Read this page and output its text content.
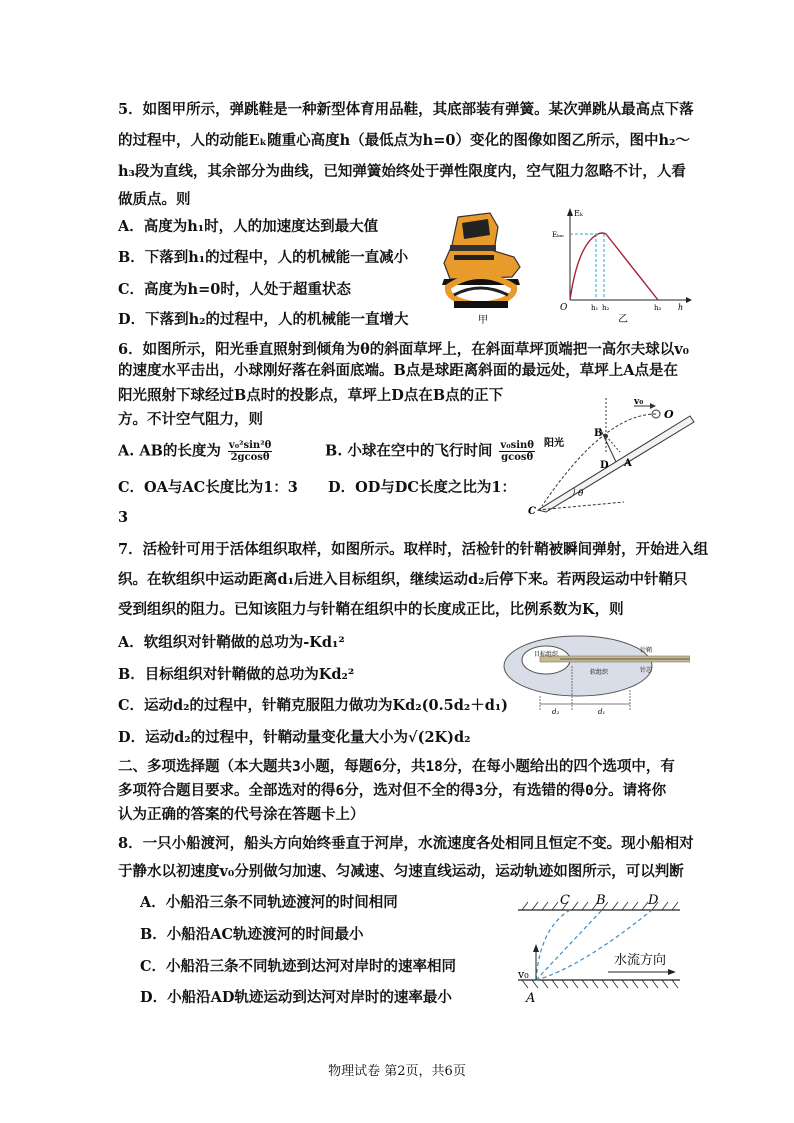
5．如图甲所示，弹跳鞋是一种新型体育用品鞋，其底部装有弹簧。某次弹跳从最高点下落
的过程中，人的动能Eₖ随重心高度h（最低点为h=0）变化的图像如图乙所示，图中h₂～
h₃段为直线，其余部分为曲线，已知弹簧始终处于弹性限度内，空气阻力忽略不计，人看
做质点。则
A．高度为h₁时，人的加速度达到最大值
B．下落到h₁的过程中，人的机械能一直减小
C．高度为h=0时，人处于超重状态
D．下落到h₂的过程中，人的机械能一直增大	甲
Eₖ
Eₖₘ
O	h₁ h₂	h₃ h
乙
6．如图所示，阳光垂直照射到倾角为θ的斜面草坪上，在斜面草坪顶端把一高尔夫球以v₀
的速度水平击出，小球刚好落在斜面底端。B点是球距离斜面的最远处，草坪上A点是在
阳光照射下球经过B点时的投影点，草坪上D点在B点的正下
方。不计空气阻力，则
A. AB的长度为 $\frac{\text{v₀²sin²θ}}{2gcos\theta}$	B. 小球在空中的飞行时间 $\frac{\text{v₀sinθ}}{gcos\theta}$
C．OA与AC长度比为1：3 D．OD与DC长度之比为1：
3
v₀
O
B
D A
C
阳光
θ
7．活检针可用于活体组织取样，如图所示。取样时，活检针的针鞘被瞬间弹射，开始进入组
织。在软组织中运动距离d₁后进入目标组织，继续运动d₂后停下来。若两段运动中针鞘只
受到组织的阻力。已知该阻力与针鞘在组织中的长度成正比，比例系数为K，则
A．软组织对针鞘做的总功为-Kd₁²
B．目标组织对针鞘做的总功为Kd₂²
C．运动d₂的过程中，针鞘克服阻力做功为Kd₂(0.5d₂＋d₁)
D．运动d₂的过程中，针鞘动量变化量大小为√(2K)d₂
目标组织
软组织
针鞘
针芯
d₂	d₁
二、多项选择题（本大题共3小题，每题6分，共18分，在每小题给出的四个选项中，有
多项符合题目要求。全部选对的得6分，选对但不全的得3分，有选错的得0分。请将你
认为正确的答案的代号涂在答题卡上）
8．一只小船渡河，船头方向始终垂直于河岸，水流速度各处相同且恒定不变。现小船相对
于静水以初速度v₀分别做匀加速、匀减速、匀速直线运动，运动轨迹如图所示，可以判断
A．小船沿三条不同轨迹渡河的时间相同
B．小船沿AC轨迹渡河的时间最小
C．小船沿三条不同轨迹到达河对岸时的速率相同
D．小船沿AD轨迹运动到达河对岸时的速率最小
C B	D
A
v₀
水流方向
物理试卷 第2页，共6页
